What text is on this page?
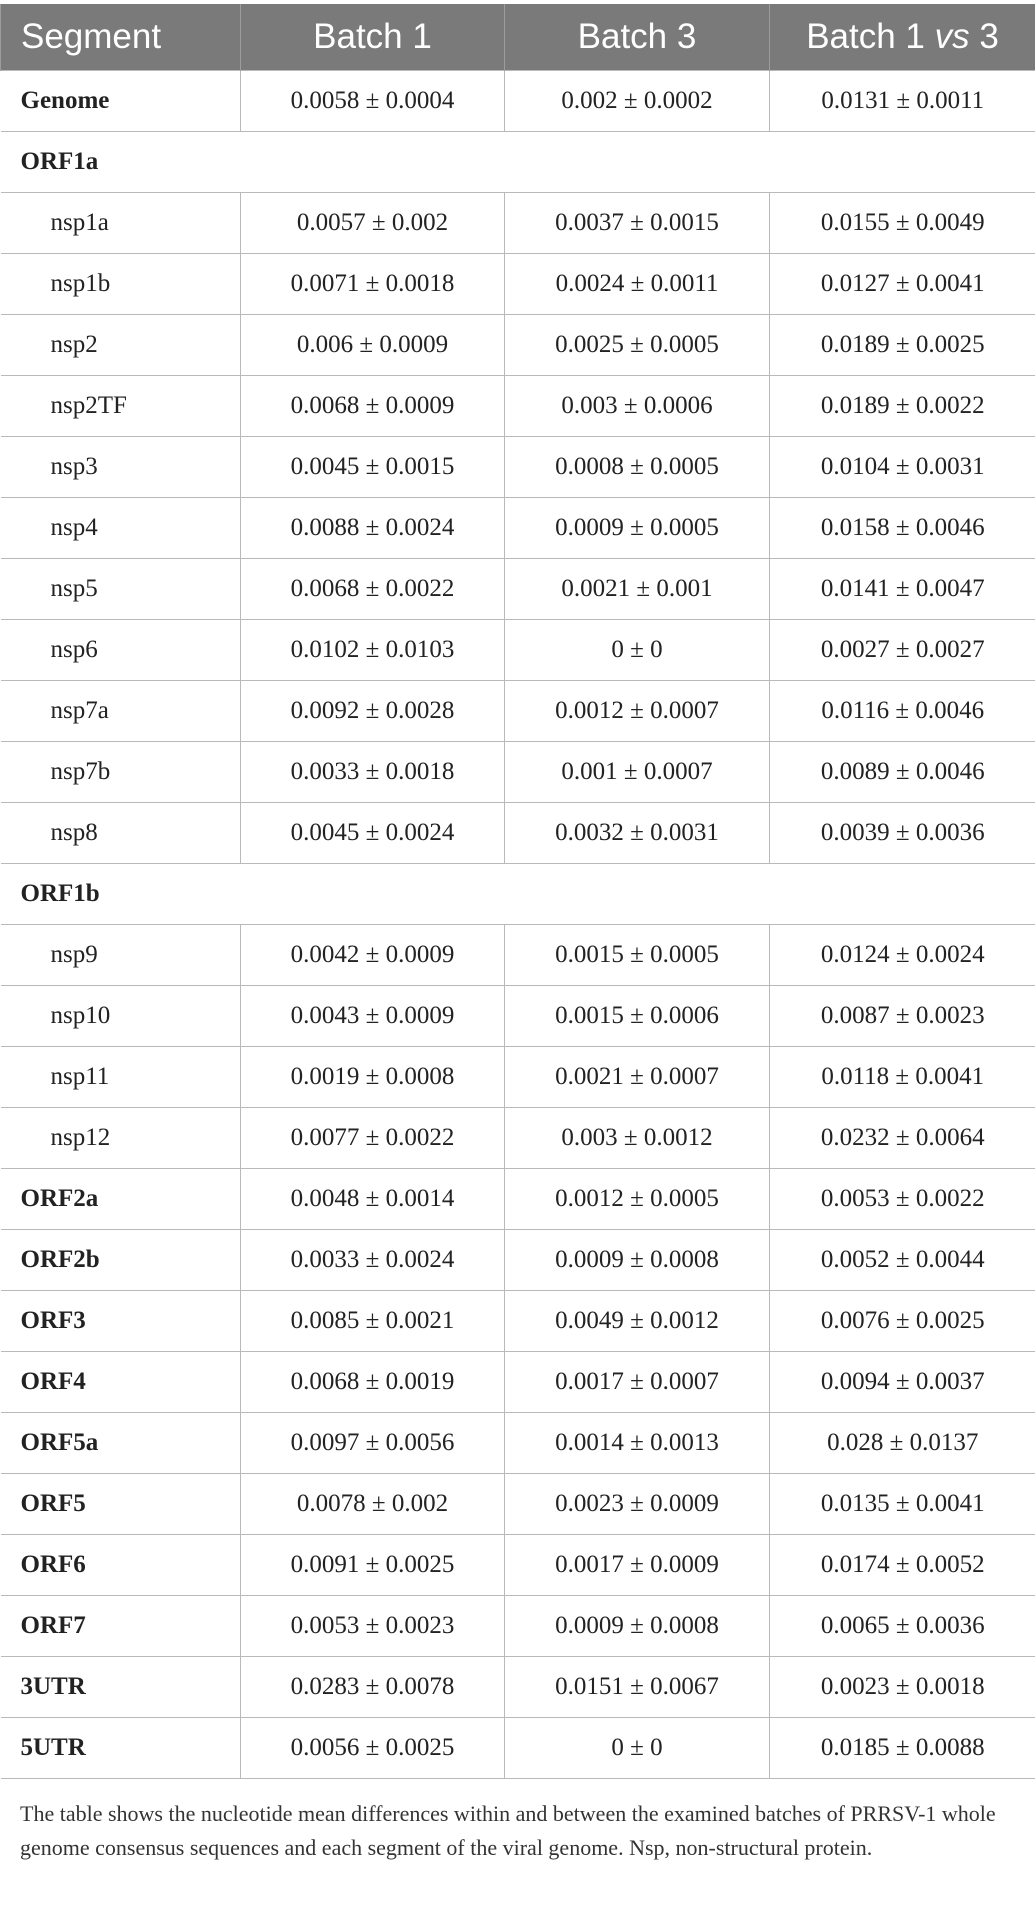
Segment	Batch 1	Batch 3	Batch 1 vs 3
Genome	0.0058 ± 0.0004	0.002 ± 0.0002	0.0131 ± 0.0011
ORF1a			
nsp1a	0.0057 ± 0.002	0.0037 ± 0.0015	0.0155 ± 0.0049
nsp1b	0.0071 ± 0.0018	0.0024 ± 0.0011	0.0127 ± 0.0041
nsp2	0.006 ± 0.0009	0.0025 ± 0.0005	0.0189 ± 0.0025
nsp2TF	0.0068 ± 0.0009	0.003 ± 0.0006	0.0189 ± 0.0022
nsp3	0.0045 ± 0.0015	0.0008 ± 0.0005	0.0104 ± 0.0031
nsp4	0.0088 ± 0.0024	0.0009 ± 0.0005	0.0158 ± 0.0046
nsp5	0.0068 ± 0.0022	0.0021 ± 0.001	0.0141 ± 0.0047
nsp6	0.0102 ± 0.0103	0 ± 0	0.0027 ± 0.0027
nsp7a	0.0092 ± 0.0028	0.0012 ± 0.0007	0.0116 ± 0.0046
nsp7b	0.0033 ± 0.0018	0.001 ± 0.0007	0.0089 ± 0.0046
nsp8	0.0045 ± 0.0024	0.0032 ± 0.0031	0.0039 ± 0.0036
ORF1b			
nsp9	0.0042 ± 0.0009	0.0015 ± 0.0005	0.0124 ± 0.0024
nsp10	0.0043 ± 0.0009	0.0015 ± 0.0006	0.0087 ± 0.0023
nsp11	0.0019 ± 0.0008	0.0021 ± 0.0007	0.0118 ± 0.0041
nsp12	0.0077 ± 0.0022	0.003 ± 0.0012	0.0232 ± 0.0064
ORF2a	0.0048 ± 0.0014	0.0012 ± 0.0005	0.0053 ± 0.0022
ORF2b	0.0033 ± 0.0024	0.0009 ± 0.0008	0.0052 ± 0.0044
ORF3	0.0085 ± 0.0021	0.0049 ± 0.0012	0.0076 ± 0.0025
ORF4	0.0068 ± 0.0019	0.0017 ± 0.0007	0.0094 ± 0.0037
ORF5a	0.0097 ± 0.0056	0.0014 ± 0.0013	0.028 ± 0.0137
ORF5	0.0078 ± 0.002	0.0023 ± 0.0009	0.0135 ± 0.0041
ORF6	0.0091 ± 0.0025	0.0017 ± 0.0009	0.0174 ± 0.0052
ORF7	0.0053 ± 0.0023	0.0009 ± 0.0008	0.0065 ± 0.0036
3UTR	0.0283 ± 0.0078	0.0151 ± 0.0067	0.0023 ± 0.0018
5UTR	0.0056 ± 0.0025	0 ± 0	0.0185 ± 0.0088

The table shows the nucleotide mean differences within and between the examined batches of PRRSV-1 whole genome consensus sequences and each segment of the viral genome. Nsp, non-structural protein.
